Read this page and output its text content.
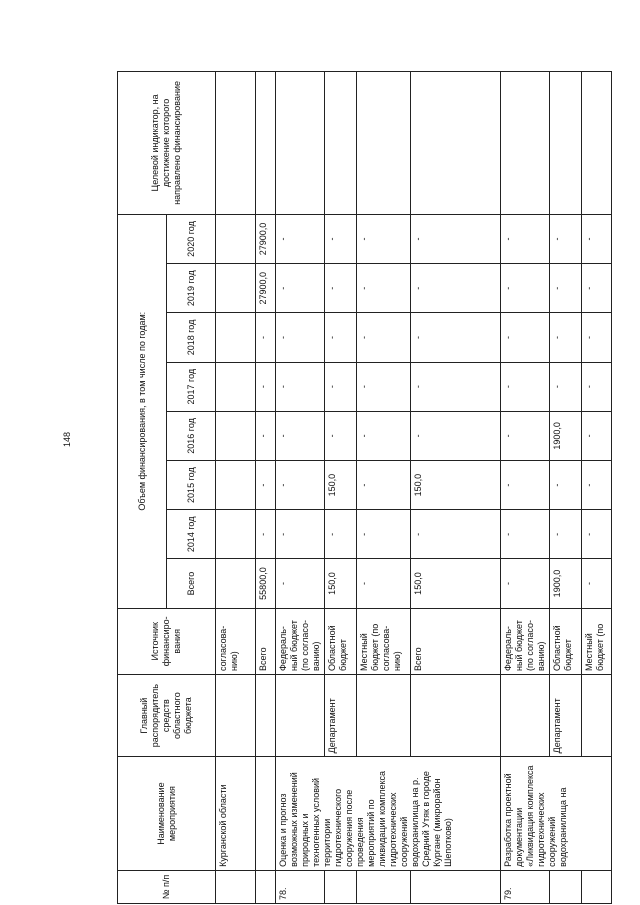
148
№ п/п	Наименование мероприятия	Главный распорядитель средств областного бюджета	Источник финансиро-вания	Объем финансирования, в том числе по годам:								Целевой индикатор, на достижение которого направлено финансирование
				Всего	2014 год	2015 год	2016 год	2017 год	2018 год	2019 год	2020 год	
	Курганской области		согласова-нию)									
			Всего	55800,0	-	-	-	-	-	27900,0	27900,0	
78.	Оценка и прогноз возможных изменений природных и техногенных условий территории гидротехнического сооружения после проведения мероприятий по ликвидации комплекса гидротехнических сооружений водохранилища на р. Средний Утяк в городе Кургане (микрорайон Шепотково)		Федераль-ный бюджет (по согласо-ванию)	-	-	-	-	-	-	-	-	
		Департамент	Областной бюджет	150,0	-	150,0	-	-	-	-	-	
			Местный бюджет (по согласова-нию)	-	-	-	-	-	-	-	-	
			Всего	150,0	-	150,0	-	-	-	-	-	
79.	Разработка проектной документации «Ликвидация комплекса гидротехнических сооружений водохранилища на		Федераль-ный бюджет (по согласо-ванию)	-	-	-	-	-	-	-	-	
		Департамент	Областной бюджет	1900,0	-	-	1900,0	-	-	-	-	
			Местный бюджет (по	-	-	-	-	-	-	-	-	
